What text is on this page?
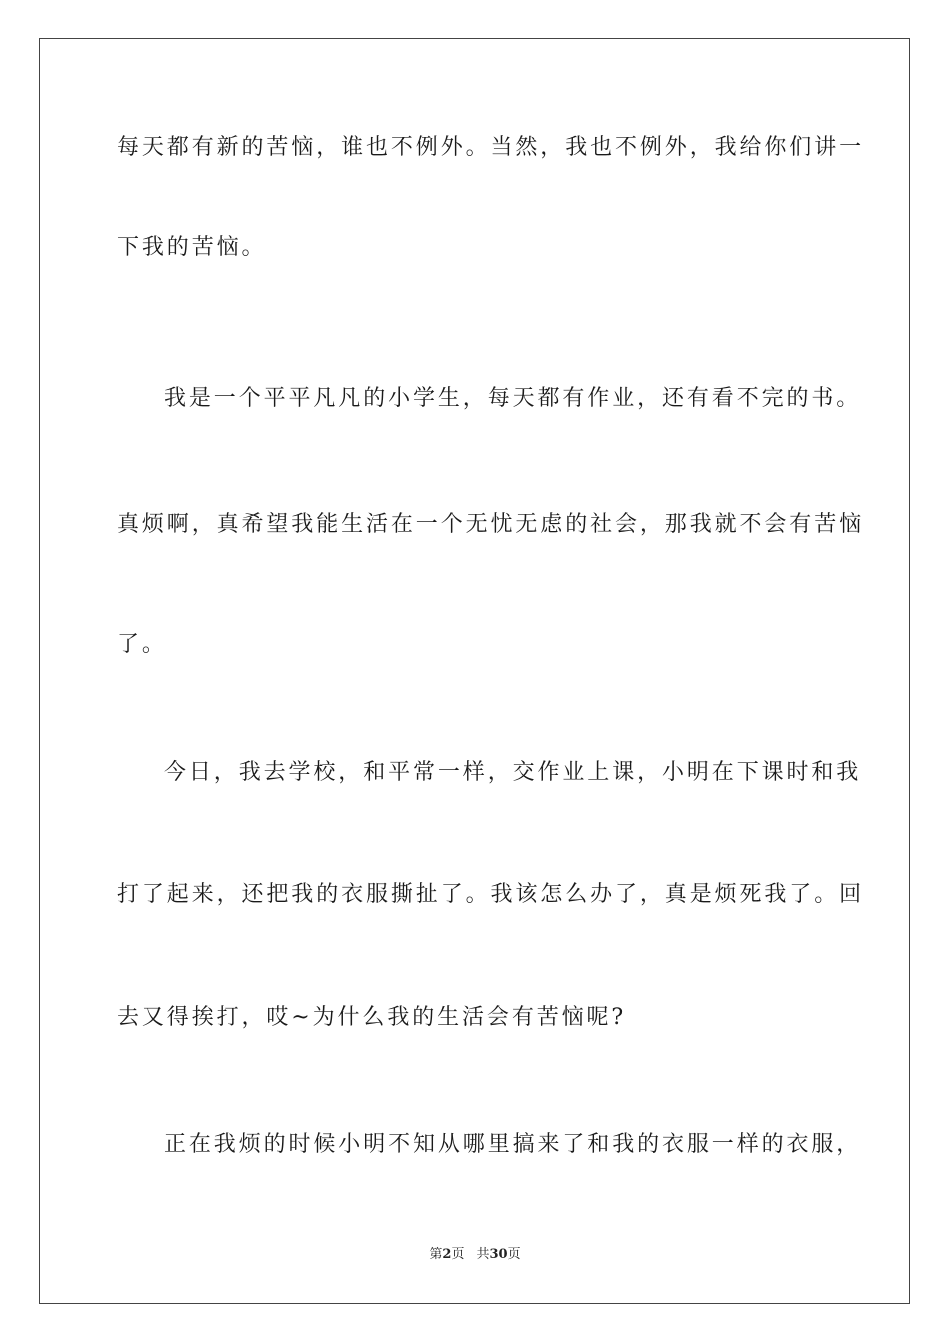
每天都有新的苦恼，谁也不例外。当然，我也不例外，我给你们讲一
下我的苦恼。
我是一个平平凡凡的小学生，每天都有作业，还有看不完的书。
真烦啊，真希望我能生活在一个无忧无虑的社会，那我就不会有苦恼
了。
今日，我去学校，和平常一样，交作业上课，小明在下课时和我
打了起来，还把我的衣服撕扯了。我该怎么办了，真是烦死我了。回
去又得挨打，哎~为什么我的生活会有苦恼呢?
正在我烦的时候小明不知从哪里搞来了和我的衣服一样的衣服，
第2页 共30页
